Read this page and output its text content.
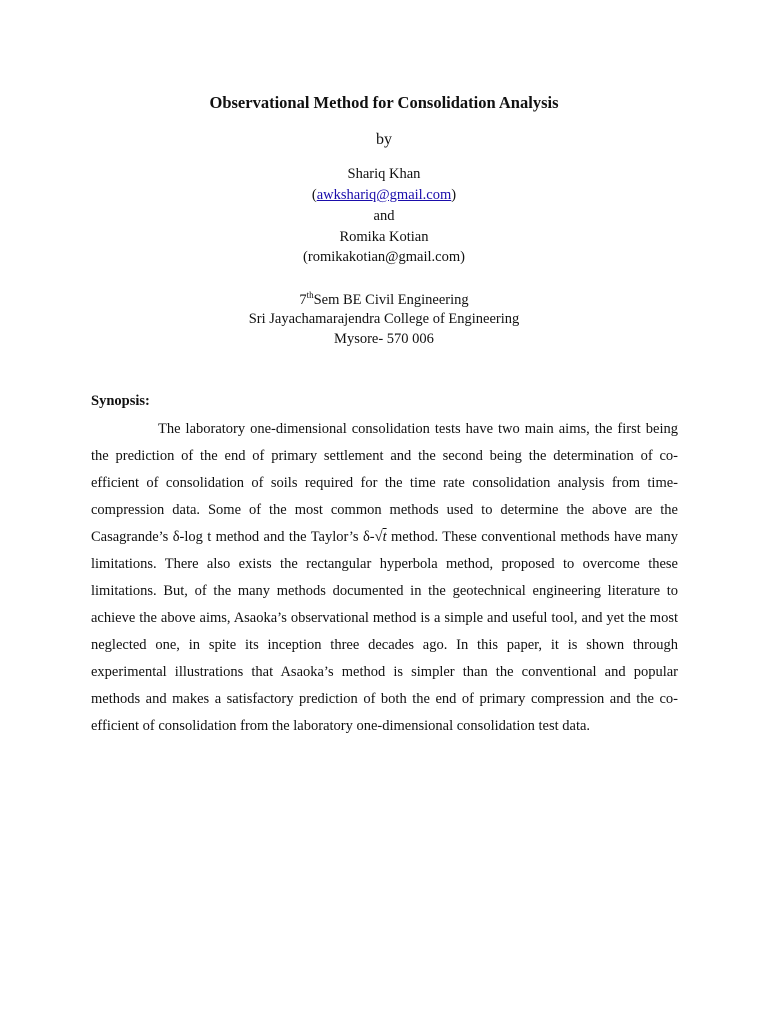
Observational Method for Consolidation Analysis
by
Shariq Khan
(awkshariq@gmail.com)
and
Romika Kotian
(romikakotian@gmail.com)
7thSem BE Civil Engineering
Sri Jayachamarajendra College of Engineering
Mysore- 570 006
Synopsis:

The laboratory one-dimensional consolidation tests have two main aims, the first being the prediction of the end of primary settlement and the second being the determination of co-efficient of consolidation of soils required for the time rate consolidation analysis from time-compression data. Some of the most common methods used to determine the above are the Casagrande’s δ-log t method and the Taylor’s δ-√t method. These conventional methods have many limitations. There also exists the rectangular hyperbola method, proposed to overcome these limitations. But, of the many methods documented in the geotechnical engineering literature to achieve the above aims, Asaoka’s observational method is a simple and useful tool, and yet the most neglected one, in spite its inception three decades ago. In this paper, it is shown through experimental illustrations that Asaoka’s method is simpler than the conventional and popular methods and makes a satisfactory prediction of both the end of primary compression and the co-efficient of consolidation from the laboratory one-dimensional consolidation test data.
